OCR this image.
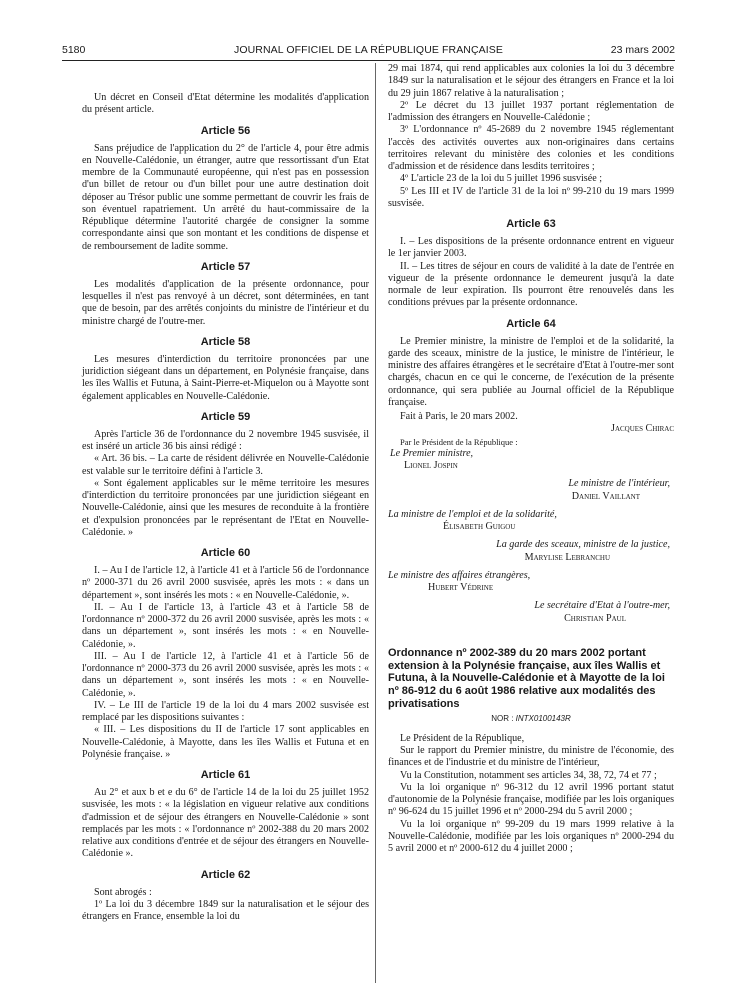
5180	JOURNAL OFFICIEL DE LA RÉPUBLIQUE FRANÇAISE	23 mars 2002

Un décret en Conseil d'Etat détermine les modalités d'application du présent article.

Article 56

Sans préjudice de l'application du 2° de l'article 4, pour être admis en Nouvelle-Calédonie, un étranger, autre que ressortissant d'un Etat membre de la Communauté européenne, qui n'est pas en possession d'un billet de retour ou d'un billet pour une autre destination doit déposer au Trésor public une somme permettant de couvrir les frais de son éventuel rapatriement. Un arrêté du haut-commissaire de la République détermine l'autorité chargée de consigner la somme correspondante ainsi que son montant et les conditions de dispense et de remboursement de ladite somme.

Article 57

Les modalités d'application de la présente ordonnance, pour lesquelles il n'est pas renvoyé à un décret, sont déterminées, en tant que de besoin, par des arrêtés conjoints du ministre de l'intérieur et du ministre chargé de l'outre-mer.

Article 58

Les mesures d'interdiction du territoire prononcées par une juridiction siégeant dans un département, en Polynésie française, dans les îles Wallis et Futuna, à Saint-Pierre-et-Miquelon ou à Mayotte sont également applicables en Nouvelle-Calédonie.

Article 59

Après l'article 36 de l'ordonnance du 2 novembre 1945 susvisée, il est inséré un article 36 bis ainsi rédigé :

« Art. 36 bis. – La carte de résident délivrée en Nouvelle-Calédonie est valable sur le territoire défini à l'article 3.

« Sont également applicables sur le même territoire les mesures d'interdiction du territoire prononcées par une juridiction siégeant en Nouvelle-Calédonie, ainsi que les mesures de reconduite à la frontière et d'expulsion prononcées par le représentant de l'Etat en Nouvelle-Calédonie. »

Article 60

I. – Au I de l'article 12, à l'article 41 et à l'article 56 de l'ordonnance nº 2000-371 du 26 avril 2000 susvisée, après les mots : « dans un département », sont insérés les mots : « en Nouvelle-Calédonie, ».

II. – Au I de l'article 13, à l'article 43 et à l'article 58 de l'ordonnance nº 2000-372 du 26 avril 2000 susvisée, après les mots : « dans un département », sont insérés les mots : « en Nouvelle-Calédonie, ».

III. – Au I de l'article 12, à l'article 41 et à l'article 56 de l'ordonnance nº 2000-373 du 26 avril 2000 susvisée, après les mots : « dans un département », sont insérés les mots : « en Nouvelle-Calédonie, ».

IV. – Le III de l'article 19 de la loi du 4 mars 2002 susvisée est remplacé par les dispositions suivantes :

« III. – Les dispositions du II de l'article 17 sont applicables en Nouvelle-Calédonie, à Mayotte, dans les îles Wallis et Futuna et en Polynésie française. »

Article 61

Au 2° et aux b et e du 6° de l'article 14 de la loi du 25 juillet 1952 susvisée, les mots : « la législation en vigueur relative aux conditions d'admission et de séjour des étrangers en Nouvelle-Calédonie » sont remplacés par les mots : « l'ordonnance nº 2002-388 du 20 mars 2002 relative aux conditions d'entrée et de séjour des étrangers en Nouvelle-Calédonie ».

Article 62

Sont abrogés :

1º La loi du 3 décembre 1849 sur la naturalisation et le séjour des étrangers en France, ensemble la loi du

29 mai 1874, qui rend applicables aux colonies la loi du 3 décembre 1849 sur la naturalisation et le séjour des étrangers en France et la loi du 29 juin 1867 relative à la naturalisation ;

2º Le décret du 13 juillet 1937 portant réglementation de l'admission des étrangers en Nouvelle-Calédonie ;

3º L'ordonnance nº 45-2689 du 2 novembre 1945 réglementant l'accès des activités ouvertes aux non-originaires dans certains territoires relevant du ministère des colonies et les conditions d'admission et de résidence dans lesdits territoires ;

4º L'article 23 de la loi du 5 juillet 1996 susvisée ;

5º Les III et IV de l'article 31 de la loi nº 99-210 du 19 mars 1999 susvisée.

Article 63

I. – Les dispositions de la présente ordonnance entrent en vigueur le 1er janvier 2003.

II. – Les titres de séjour en cours de validité à la date de l'entrée en vigueur de la présente ordonnance le demeurent jusqu'à la date normale de leur expiration. Ils pourront être renouvelés dans les conditions prévues par la présente ordonnance.

Article 64

Le Premier ministre, la ministre de l'emploi et de la solidarité, la garde des sceaux, ministre de la justice, le ministre de l'intérieur, le ministre des affaires étrangères et le secrétaire d'Etat à l'outre-mer sont chargés, chacun en ce qui le concerne, de l'exécution de la présente ordonnance, qui sera publiée au Journal officiel de la République française.

Fait à Paris, le 20 mars 2002.

Jacques Chirac

Par le Président de la République :

Le Premier ministre,
Lionel Jospin
Le ministre de l'intérieur,
Daniel Vaillant
La ministre de l'emploi et de la solidarité,
Élisabeth Guigou
La garde des sceaux, ministre de la justice,
Marylise Lebranchu
Le ministre des affaires étrangères,
Hubert Védrine
Le secrétaire d'Etat à l'outre-mer,
Christian Paul
Ordonnance nº 2002-389 du 20 mars 2002 portant extension à la Polynésie française, aux îles Wallis et Futuna, à la Nouvelle-Calédonie et à Mayotte de la loi nº 86-912 du 6 août 1986 relative aux modalités des privatisations
NOR : INTX0100143R

Le Président de la République,

Sur le rapport du Premier ministre, du ministre de l'économie, des finances et de l'industrie et du ministre de l'intérieur,

Vu la Constitution, notamment ses articles 34, 38, 72, 74 et 77 ;

Vu la loi organique nº 96-312 du 12 avril 1996 portant statut d'autonomie de la Polynésie française, modifiée par les lois organiques nº 96-624 du 15 juillet 1996 et nº 2000-294 du 5 avril 2000 ;

Vu la loi organique nº 99-209 du 19 mars 1999 relative à la Nouvelle-Calédonie, modifiée par les lois organiques nº 2000-294 du 5 avril 2000 et nº 2000-612 du 4 juillet 2000 ;
